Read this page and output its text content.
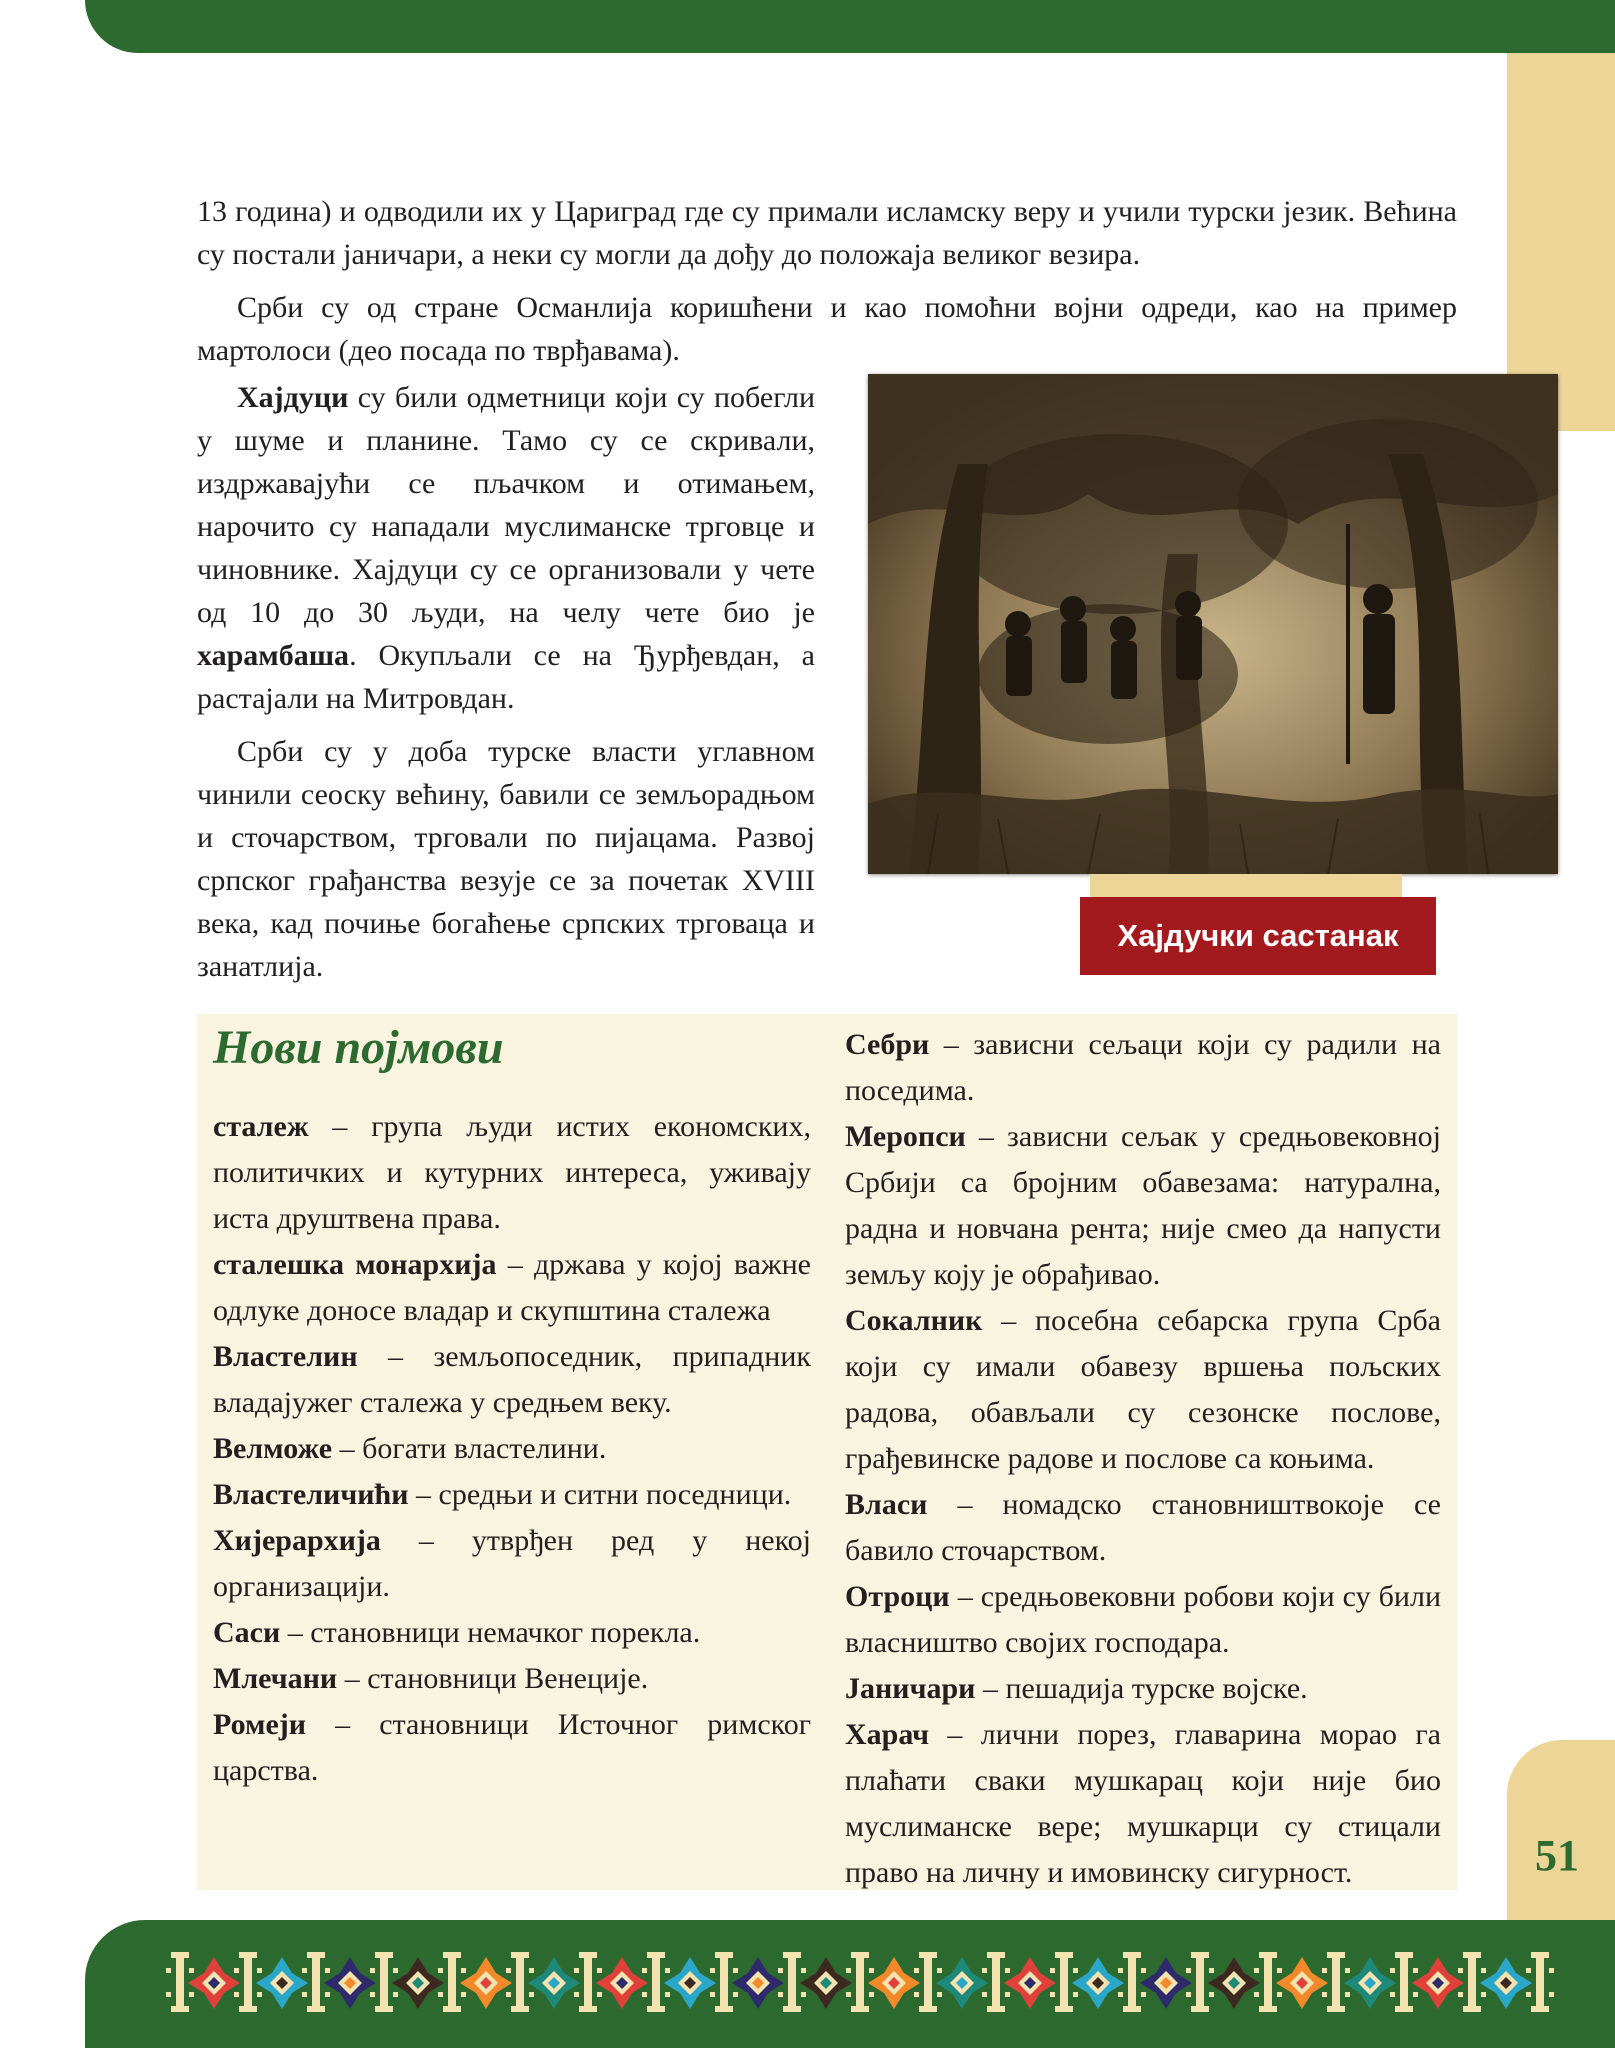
13 година) и одводили их у Цариград где су примали исламску веру и учили турски језик. Већина су постали јаничари, а неки су могли да дођу до положаја великог везира.

Срби су од стране Османлија коришћени и као помоћни војни одреди, као на пример мартолоси (део посада по тврђавама).

Хајдуци су били одметници који су побегли у шуме и планине. Тамо су се скривали, издржавајући се пљачком и отимањем, нарочито су нападали муслиманске трговце и чиновнике. Хајдуци су се организовали у чете од 10 до 30 људи, на челу чете био је харамбаша. Окупљали се на Ђурђевдан, а растајали на Митровдан.

Срби су у доба турске власти углавном чинили сеоску већину, бавили се земљорадњом и сточарством, трговали по пијацама. Развој српског грађанства везује се за почетак XVIII века, кад почиње богаћење српских трговаца и занатлија.

Хајдучки састанак
Нови појмови

сталеж – група људи истих економских, политичких и кутурних интереса, уживају иста друштвена права.

сталешка монархија – држава у којој важне одлуке доносе владар и скупштина сталежа

Властелин – земљопоседник, припадник владајужег сталежа у средњем веку.

Велможе – богати властелини.

Властеличићи – средњи и ситни поседници.

Хијерархија – утврђен ред у некој организацији.

Саси – становници немачког порекла.

Млечани – становници Венеције.

Ромеји – становници Источног римског царства.

Себри – зависни сељаци који су радили на поседима.

Меропси – зависни сељак у средњовековној Србији са бројним обавезама: натурална, радна и новчана рента; није смео да напусти земљу коју је обрађивао.

Сокалник – посебна себарска група Срба који су имали обавезу вршења пољских радова, обављали су сезонске послове, грађевинске радове и послове са коњима.

Власи – номадско становништвокоје се бавило сточарством.

Отроци – средњовековни робови који су били власништво својих господара.

Јаничари – пешадија турске војске.

Харач – лични порез, главарина морао га плаћати сваки мушкарац који није био муслиманске вере; мушкарци су стицали право на личну и имовинску сигурност.	51
